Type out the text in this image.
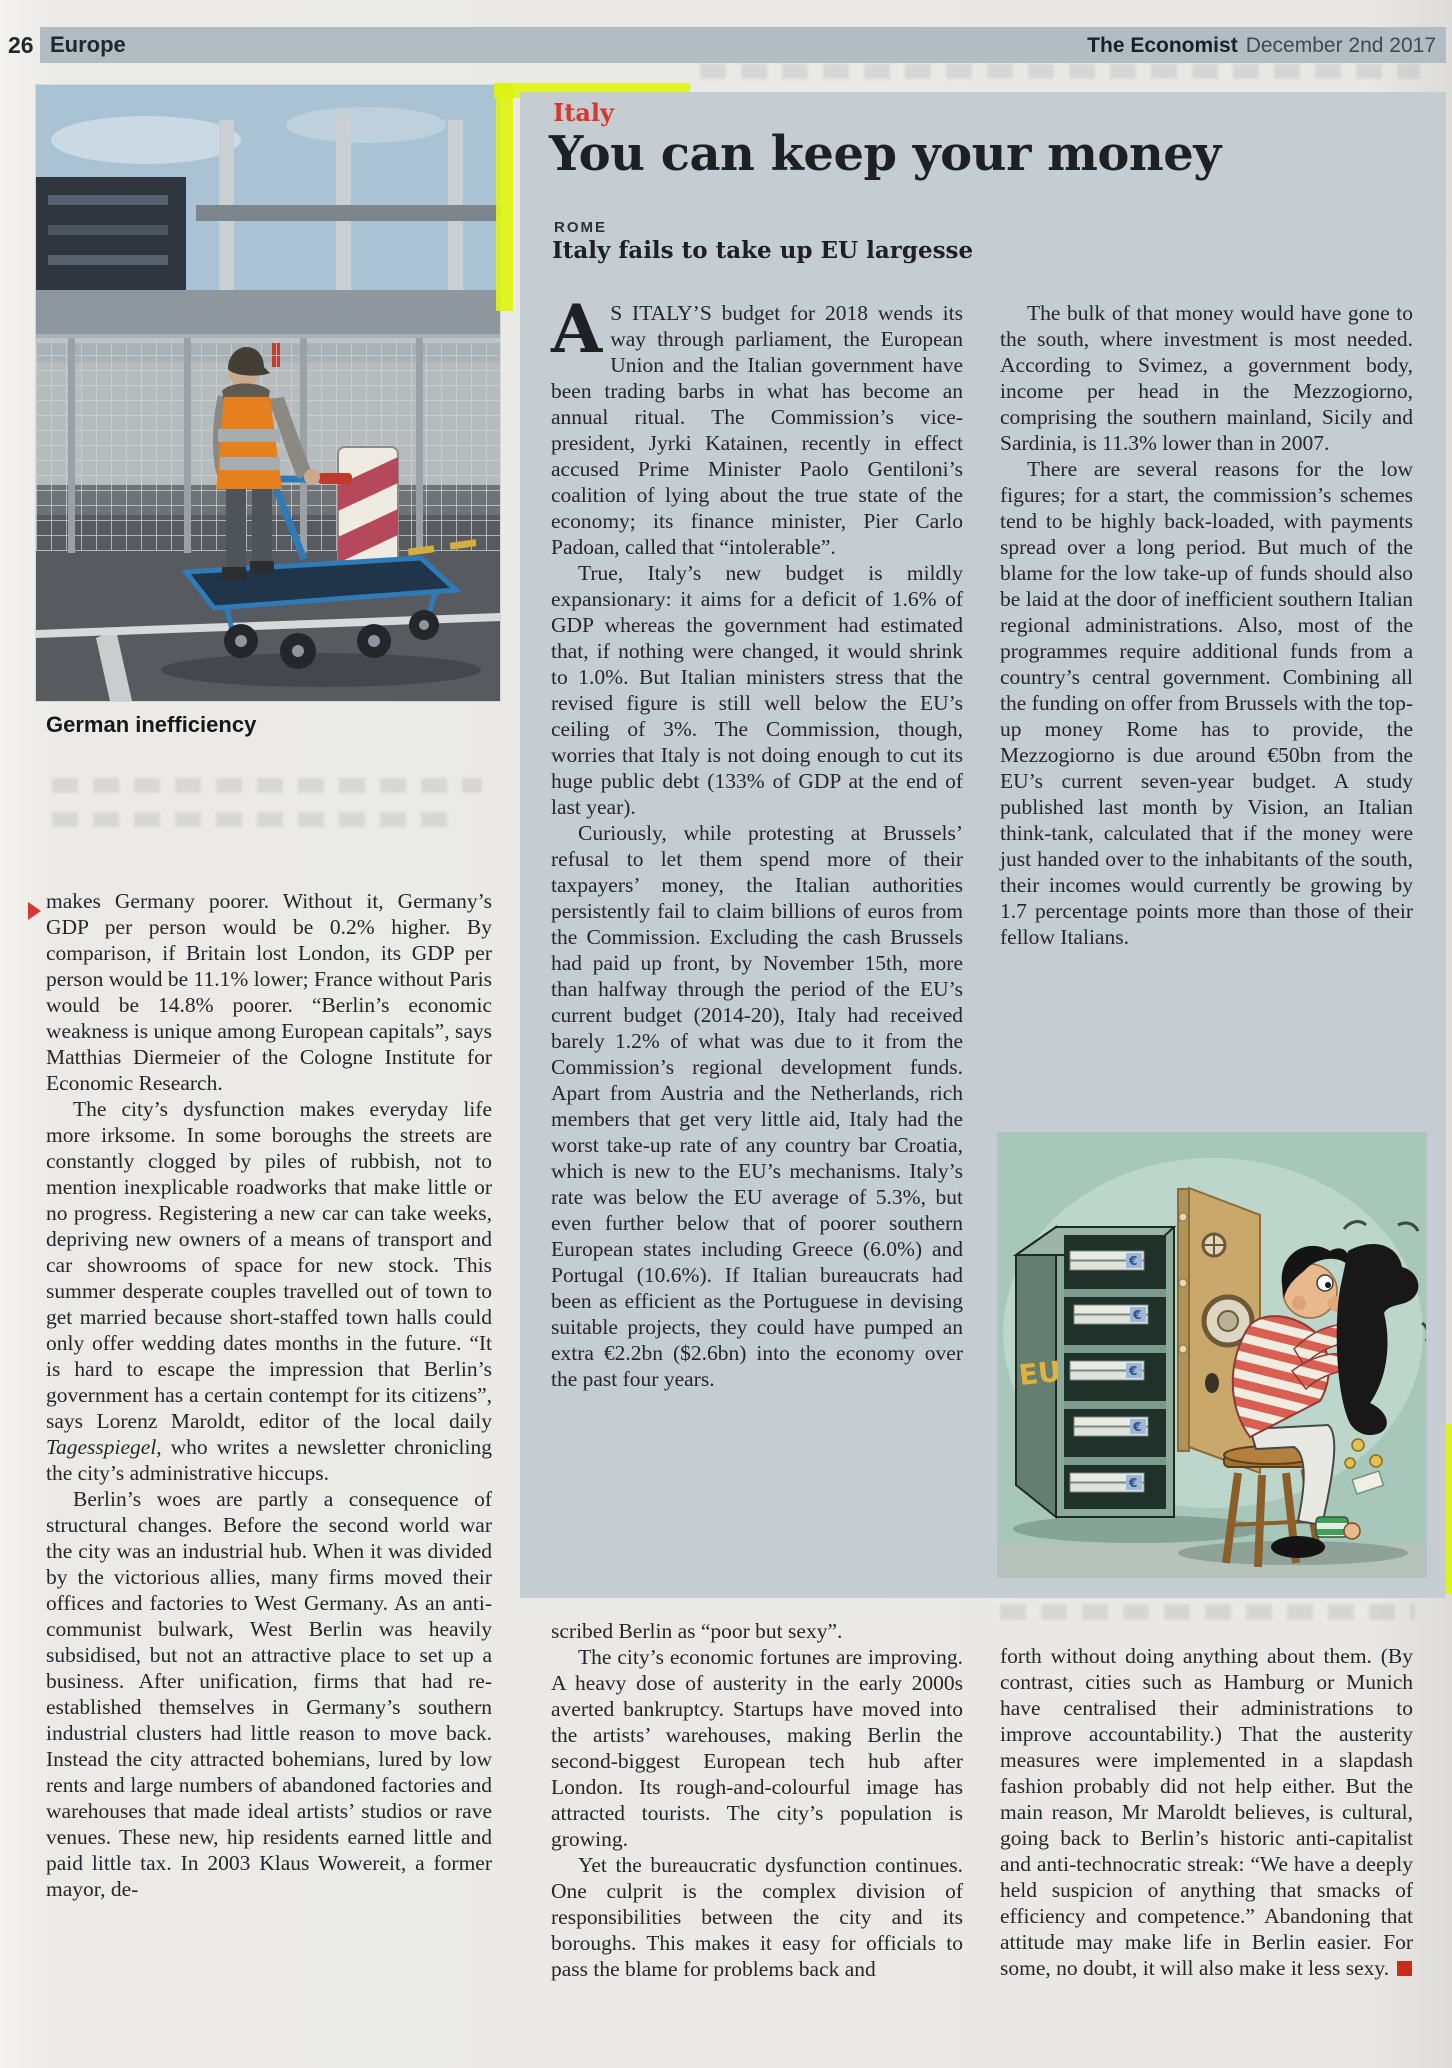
26 Europe	The Economist December 2nd 2017
German inefficiency
Italy
You can keep your money
ROME
Italy fails to take up EU largesse

A S ITALY’S budget for 2018 wends its way through parliament, the European Union and the Italian government have been trading barbs in what has become an annual ritual. The Commission’s vice-president, Jyrki Katainen, recently in effect accused Prime Minister Paolo Gentiloni’s coalition of lying about the true state of the economy; its finance minister, Pier Carlo Padoan, called that “intolerable”.

True, Italy’s new budget is mildly expansionary: it aims for a deficit of 1.6% of GDP whereas the government had estimated that, if nothing were changed, it would shrink to 1.0%. But Italian ministers stress that the revised figure is still well below the EU’s ceiling of 3%. The Commission, though, worries that Italy is not doing enough to cut its huge public debt (133% of GDP at the end of last year).

Curiously, while protesting at Brussels’ refusal to let them spend more of their taxpayers’ money, the Italian authorities persistently fail to claim billions of euros from the Commission. Excluding the cash Brussels had paid up front, by November 15th, more than halfway through the period of the EU’s current budget (2014-20), Italy had received barely 1.2% of what was due to it from the Commission’s regional development funds. Apart from Austria and the Netherlands, rich members that get very little aid, Italy had the worst take-up rate of any country bar Croatia, which is new to the EU’s mechanisms. Italy’s rate was below the EU average of 5.3%, but even further below that of poorer southern European states including Greece (6.0%) and Portugal (10.6%). If Italian bureaucrats had been as efficient as the Portuguese in devising suitable projects, they could have pumped an extra €2.2bn ($2.6bn) into the economy over the past four years.

The bulk of that money would have gone to the south, where investment is most needed. According to Svimez, a government body, income per head in the Mezzogiorno, comprising the southern mainland, Sicily and Sardinia, is 11.3% lower than in 2007.

There are several reasons for the low figures; for a start, the commission’s schemes tend to be highly back-loaded, with payments spread over a long period. But much of the blame for the low take-up of funds should also be laid at the door of inefficient southern Italian regional administrations. Also, most of the programmes require additional funds from a country’s central government. Combining all the funding on offer from Brussels with the top-up money Rome has to provide, the Mezzogiorno is due around €50bn from the EU’s current seven-year budget. A study published last month by Vision, an Italian think-tank, calculated that if the money were just handed over to the inhabitants of the south, their incomes would currently be growing by 1.7 percentage points more than those of their fellow Italians.

EU
€
€
€
€
€

makes Germany poorer. Without it, Germany’s GDP per person would be 0.2% higher. By comparison, if Britain lost London, its GDP per person would be 11.1% lower; France without Paris would be 14.8% poorer. “Berlin’s economic weakness is unique among European capitals”, says Matthias Diermeier of the Cologne Institute for Economic Research.

The city’s dysfunction makes everyday life more irksome. In some boroughs the streets are constantly clogged by piles of rubbish, not to mention inexplicable roadworks that make little or no progress. Registering a new car can take weeks, depriving new owners of a means of transport and car showrooms of space for new stock. This summer desperate couples travelled out of town to get married because short-staffed town halls could only offer wedding dates months in the future. “It is hard to escape the impression that Berlin’s government has a certain contempt for its citizens”, says Lorenz Maroldt, editor of the local daily Tagesspiegel, who writes a newsletter chronicling the city’s administrative hiccups.

Berlin’s woes are partly a consequence of structural changes. Before the second world war the city was an industrial hub. When it was divided by the victorious allies, many firms moved their offices and factories to West Germany. As an anti-communist bulwark, West Berlin was heavily subsidised, but not an attractive place to set up a business. After unification, firms that had re-established themselves in Germany’s southern industrial clusters had little reason to move back. Instead the city attracted bohemians, lured by low rents and large numbers of abandoned factories and warehouses that made ideal artists’ studios or rave venues. These new, hip residents earned little and paid little tax. In 2003 Klaus Wowereit, a former mayor, de-

scribed Berlin as “poor but sexy”.

The city’s economic fortunes are improving. A heavy dose of austerity in the early 2000s averted bankruptcy. Startups have moved into the artists’ warehouses, making Berlin the second-biggest European tech hub after London. Its rough-and-colourful image has attracted tourists. The city’s population is growing.

Yet the bureaucratic dysfunction continues. One culprit is the complex division of responsibilities between the city and its boroughs. This makes it easy for officials to pass the blame for problems back and

forth without doing anything about them. (By contrast, cities such as Hamburg or Munich have centralised their administrations to improve accountability.) That the austerity measures were implemented in a slapdash fashion probably did not help either. But the main reason, Mr Maroldt believes, is cultural, going back to Berlin’s historic anti-capitalist and anti-technocratic streak: “We have a deeply held suspicion of anything that smacks of efficiency and competence.” Abandoning that attitude may make life in Berlin easier. For some, no doubt, it will also make it less sexy.
